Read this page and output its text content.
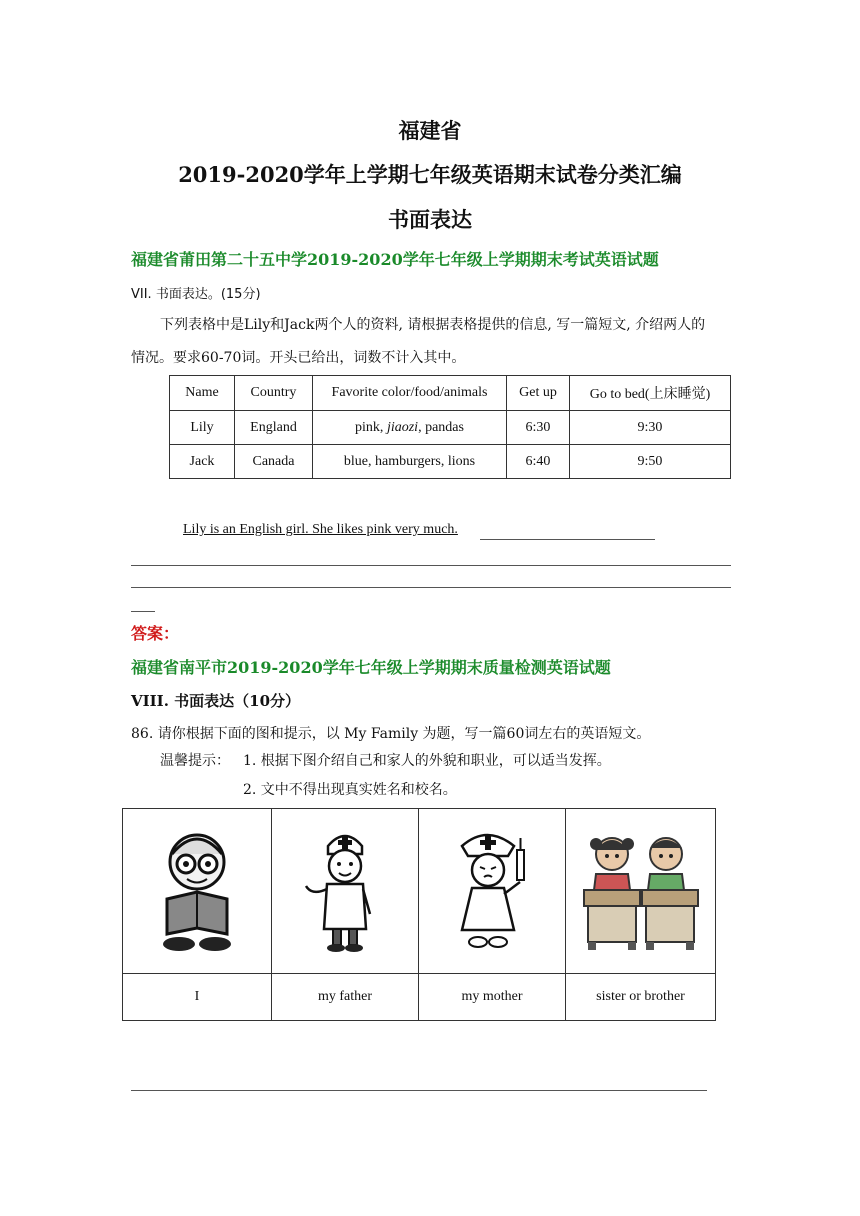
福建省
2019-2020学年上学期七年级英语期末试卷分类汇编
书面表达
福建省莆田第二十五中学2019-2020学年七年级上学期期末考试英语试题
VII. 书面表达。(15分)
下列表格中是Lily和Jack两个人的资料, 请根据表格提供的信息, 写一篇短文, 介绍两人的
情况。要求60-70词。开头已给出，词数不计入其中。
Name	Country	Favorite color/food/animals	Get up	Go to bed(上床睡觉)
Lily	England	pink, jiaozi, pandas	6:30	9:30
Jack	Canada	blue, hamburgers, lions	6:40	9:50
Lily is an English girl. She likes pink very much.
答案：
福建省南平市2019-2020学年七年级上学期期末质量检测英语试题
VIII. 书面表达（10分）
86. 请你根据下面的图和提示，以 My Family 为题，写一篇60词左右的英语短文。
温馨提示： 1. 根据下图介绍自己和家人的外貌和职业，可以适当发挥。
2. 文中不得出现真实姓名和校名。

I	my father	my mother	sister or brother
